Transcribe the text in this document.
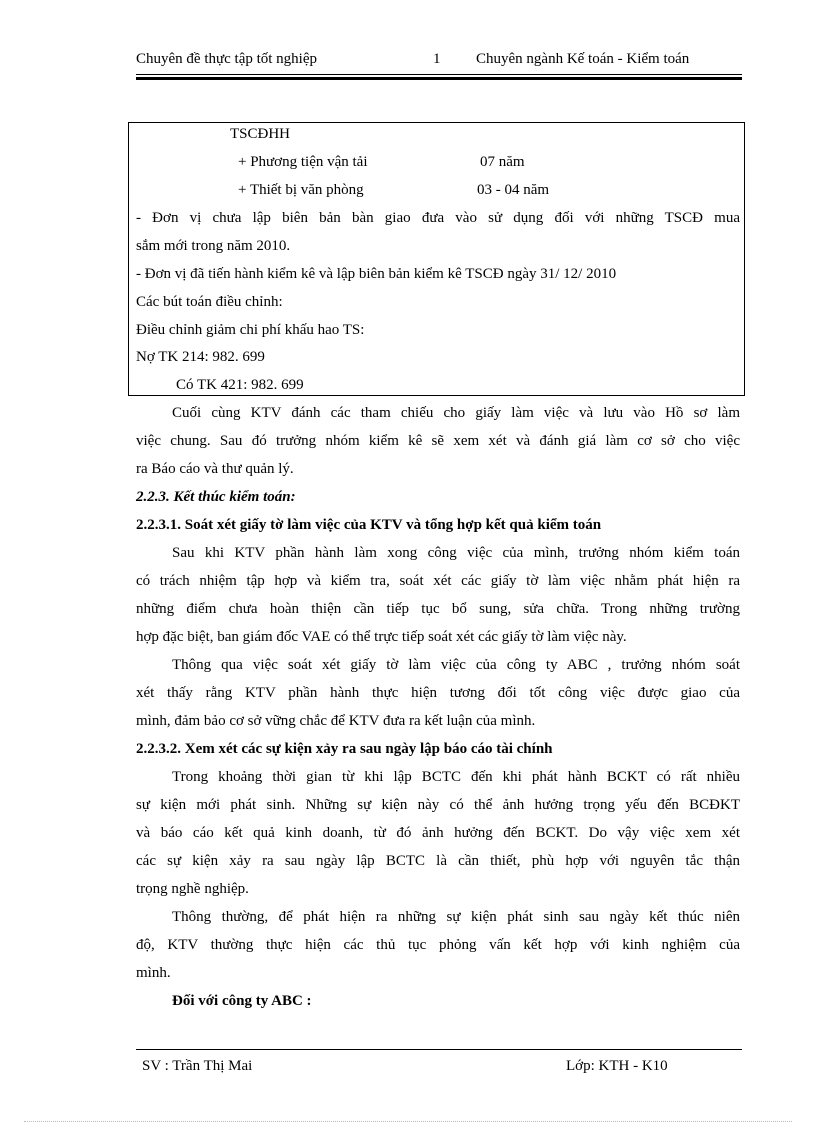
Chuyên đề thực tập tốt nghiệp	1 Chuyên ngành Kế toán - Kiểm toán
TSCĐHH
+ Phương tiện vận tải	07 năm
+ Thiết bị văn phòng	03 - 04 năm
- Đơn vị chưa lập biên bản bàn giao đưa vào sử dụng đối với những TSCĐ mua
sắm mới trong năm 2010.
- Đơn vị đã tiến hành kiểm kê và lập biên bản kiểm kê TSCĐ ngày 31/ 12/ 2010
Các bút toán điều chỉnh:
Điều chỉnh giảm chi phí khấu hao TS:
Nợ TK 214: 982. 699
Có TK 421: 982. 699
Cuối cùng KTV đánh các tham chiếu cho giấy làm việc và lưu vào Hồ sơ làm
việc chung. Sau đó trưởng nhóm kiểm kê sẽ xem xét và đánh giá làm cơ sở cho việc
ra Báo cáo và thư quản lý.
2.2.3. Kết thúc kiểm toán:
2.2.3.1. Soát xét giấy tờ làm việc của KTV và tổng hợp kết quả kiểm toán
Sau khi KTV phần hành làm xong công việc của mình, trưởng nhóm kiểm toán
có trách nhiệm tập hợp và kiểm tra, soát xét các giấy tờ làm việc nhằm phát hiện ra
những điểm chưa hoàn thiện cần tiếp tục bổ sung, sửa chữa. Trong những trường
hợp đặc biệt, ban giám đốc VAE có thể trực tiếp soát xét các giấy tờ làm việc này.
Thông qua việc soát xét giấy tờ làm việc của công ty ABC , trưởng nhóm soát
xét thấy rằng KTV phần hành thực hiện tương đối tốt công việc được giao của
mình, đảm bảo cơ sở vững chắc để KTV đưa ra kết luận của mình.
2.2.3.2. Xem xét các sự kiện xảy ra sau ngày lập báo cáo tài chính
Trong khoảng thời gian từ khi lập BCTC đến khi phát hành BCKT có rất nhiều
sự kiện mới phát sinh. Những sự kiện này có thể ảnh hưởng trọng yếu đến BCĐKT
và báo cáo kết quả kinh doanh, từ đó ảnh hưởng đến BCKT. Do vậy việc xem xét
các sự kiện xảy ra sau ngày lập BCTC là cần thiết, phù hợp với nguyên tắc thận
trọng nghề nghiệp.
Thông thường, để phát hiện ra những sự kiện phát sinh sau ngày kết thúc niên
độ, KTV thường thực hiện các thủ tục phỏng vấn kết hợp với kinh nghiệm của
mình.
Đối với công ty ABC :
SV : Trần Thị Mai	Lớp: KTH - K10
